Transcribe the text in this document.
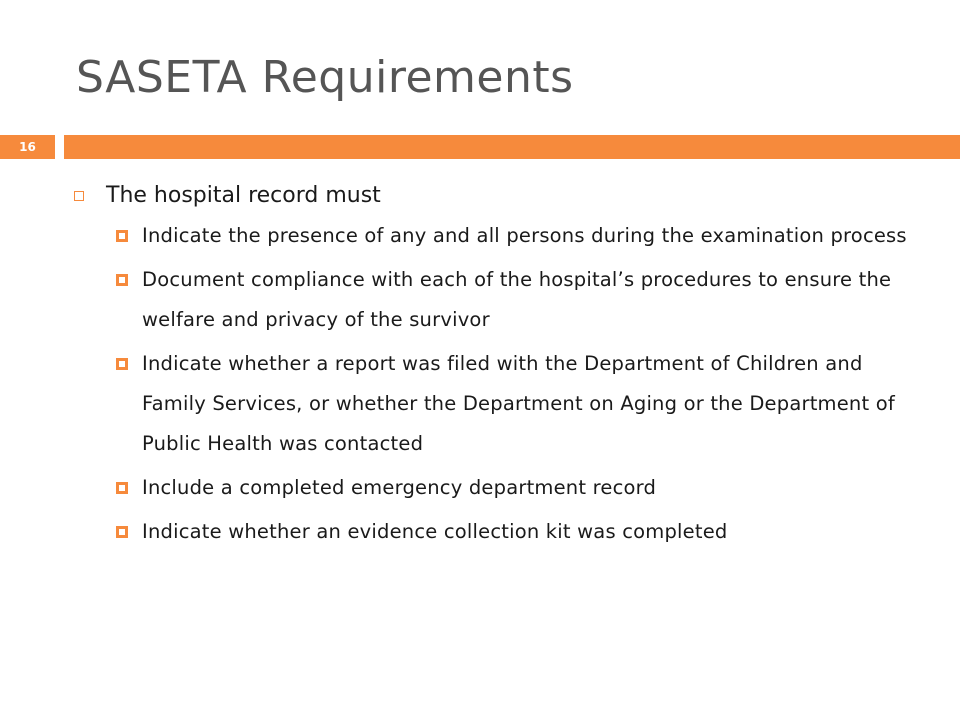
SASETA Requirements
16
The hospital record must
Indicate the presence of any and all persons during the examination process
Document compliance with each of the hospital’s procedures to ensure the welfare and privacy of the survivor
Indicate whether a report was filed with the Department of Children and Family Services, or whether the Department on Aging or the Department of Public Health was contacted
Include a completed emergency department record
Indicate whether an evidence collection kit was completed
